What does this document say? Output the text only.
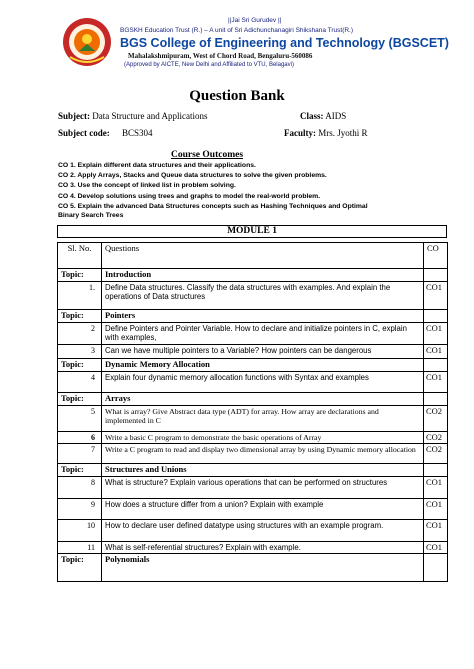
||Jai Sri Gurudev ||
BGSKH Education Trust (R.) – A unit of Sri Adichunchanagiri Shikshana Trust(R.)
BGS College of Engineering and Technology (BGSCET)
Mahalakshmipuram, West of Chord Road, Bengaluru-560086
(Approved by AICTE, New Delhi and Affiliated to VTU, Belagavi)
Question Bank
Subject: Data Structure and Applications	Class: AIDS
Subject code: BCS304	Faculty: Mrs. Jyothi R
Course Outcomes
CO 1. Explain different data structures and their applications.
CO 2. Apply Arrays, Stacks and Queue data structures to solve the given problems.
CO 3. Use the concept of linked list in problem solving.
CO 4. Develop solutions using trees and graphs to model the real-world problem.
CO 5. Explain the advanced Data Structures concepts such as Hashing Techniques and Optimal
Binary Search Trees
MODULE 1
Sl. No.	Questions	CO
Topic:	Introduction	
1.	Define Data structures. Classify the data structures with examples. And explain the operations of Data structures	CO1
Topic:	Pointers	
2	Define Pointers and Pointer Variable. How to declare and initialize pointers in C, explain with examples,	CO1
3	Can we have multiple pointers to a Variable? How pointers can be dangerous	CO1
Topic:	Dynamic Memory Allocation	
4	Explain four dynamic memory allocation functions with Syntax and examples	CO1
Topic:	Arrays	
5	What is array? Give Abstract data type (ADT) for array. How array are declarations and implemented in C	CO2
6	Write a basic C program to demonstrate the basic operations of Array	CO2
7	Write a C program to read and display two dimensional array by using Dynamic memory allocation	CO2
Topic:	Structures and Unions	
8	What is structure? Explain various operations that can be performed on structures	CO1
9	How does a structure differ from a union? Explain with example	CO1
10	How to declare user defined datatype using structures with an example program.	CO1
11	What is self-referential structures? Explain with example.	CO1
Topic:	Polynomials	
